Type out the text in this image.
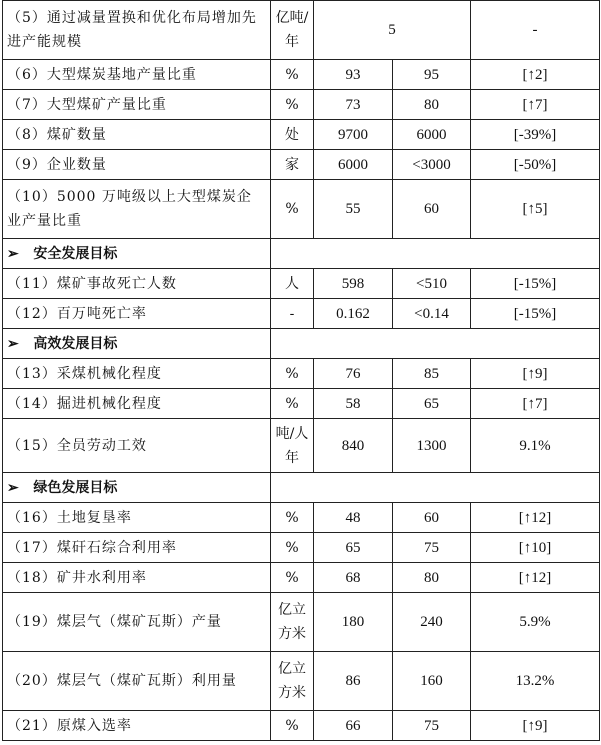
（5）通过减量置换和优化布局增加先进产能规模	亿吨/年	5		-
（6）大型煤炭基地产量比重	%	93	95	[↑2]
（7）大型煤矿产量比重	%	73	80	[↑7]
（8）煤矿数量	处	9700	6000	[-39%]
（9）企业数量	家	6000	<3000	[-50%]
（10）5000 万吨级以上大型煤炭企业产量比重	%	55	60	[↑5]
➢ 安全发展目标				
（11）煤矿事故死亡人数	人	598	<510	[-15%]
（12）百万吨死亡率	-	0.162	<0.14	[-15%]
➢ 高效发展目标				
（13）采煤机械化程度	%	76	85	[↑9]
（14）掘进机械化程度	%	58	65	[↑7]
（15）全员劳动工效	吨/人年	840	1300	9.1%
➢ 绿色发展目标				
（16）土地复垦率	%	48	60	[↑12]
（17）煤矸石综合利用率	%	65	75	[↑10]
（18）矿井水利用率	%	68	80	[↑12]
（19）煤层气（煤矿瓦斯）产量	亿立方米	180	240	5.9%
（20）煤层气（煤矿瓦斯）利用量	亿立方米	86	160	13.2%
（21）原煤入选率	%	66	75	[↑9]
